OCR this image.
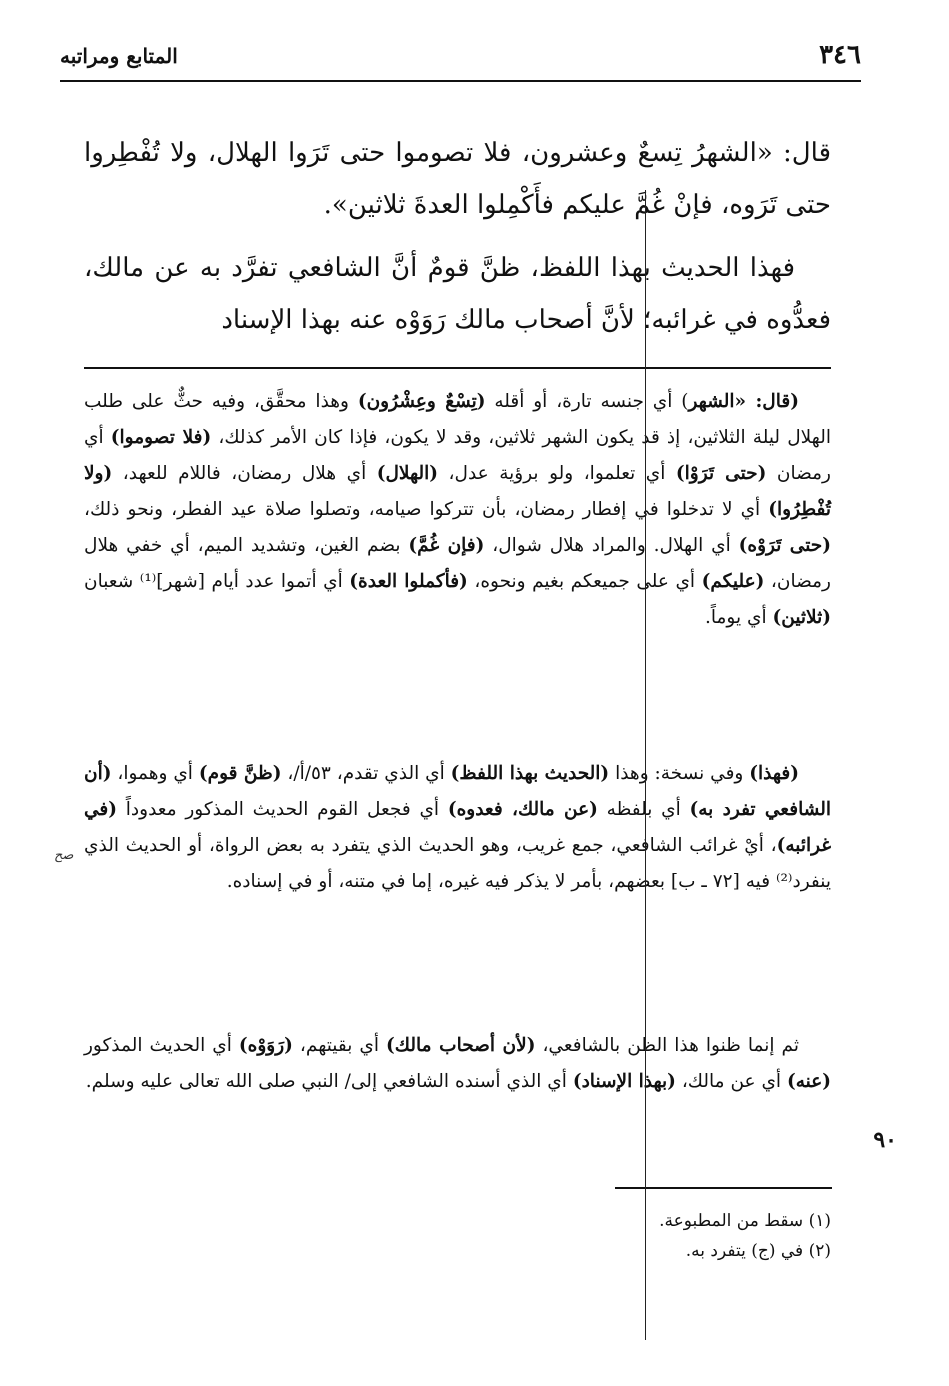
٣٤٦
المتابع ومراتبه

قال: «الشهرُ تِسعٌ وعشرون، فلا تصوموا حتى تَرَوا الهلال، ولا تُفْطِروا حتى تَرَوه، فإنْ غُمَّ عليكم فأَكْمِلوا العدةَ ثلاثين».

فهذا الحديث بهذا اللفظ، ظنَّ قومٌ أنَّ الشافعي تفرَّد به عن مالك، فعدُّوه في غرائبه؛ لأنَّ أصحاب مالك رَوَوْه عنه بهذا الإسناد

(قال: «الشهر) أي جنسه تارة، أو أقله (تِسْعٌ وعِشْرُون) وهذا محقَّق، وفيه حثٌّ على طلب الهلال ليلة الثلاثين، إذ قد يكون الشهر ثلاثين، وقد لا يكون، فإذا كان الأمر كذلك، (فلا تصوموا) أي رمضان (حتى تَرَوْا) أي تعلموا، ولو برؤية عدل، (الهلال) أي هلال رمضان، فاللام للعهد، (ولا تُفْطِرُوا) أي لا تدخلوا في إفطار رمضان، بأن تتركوا صيامه، وتصلوا صلاة عيد الفطر، ونحو ذلك، (حتى تَرَوْه) أي الهلال. والمراد هلال شوال، (فإن غُمَّ) بضم الغين، وتشديد الميم، أي خفي هلال رمضان، (عليكم) أي على جميعكم بغيم ونحوه، (فأكملوا العدة) أي أتموا عدد أيام [شهر]⁽¹⁾ شعبان (ثلاثين) أي يوماً.

(فهذا) وفي نسخة: وهذا (الحديث بهذا اللفظ) أي الذي تقدم، ٥٣/أ/، (ظنَّ قوم) أي وهموا، (أن الشافعي تفرد به) أي بلفظه (عن مالك، فعدوه) أي فجعل القوم الحديث المذكور معدوداً (في غرائبه)، أيْ غرائب الشافعي، جمع غريب، وهو الحديث الذي يتفرد به بعض الرواة، أو الحديث الذي ينفرد⁽²⁾ فيه [٧٢ ـ ب] بعضهم، بأمر لا يذكر فيه غيره، إما في متنه، أو في إسناده.

ثم إنما ظنوا هذا الظن بالشافعي، (لأن أصحاب مالك) أي بقيتهم، (رَوَوْه) أي الحديث المذكور (عنه) أي عن مالك، (بهذا الإسناد) أي الذي أسنده الشافعي إلى/ النبي صلى الله تعالى عليه وسلم.

٩٠
صح
(١) سقط من المطبوعة.
(٢) في (ج) يتفرد به.
